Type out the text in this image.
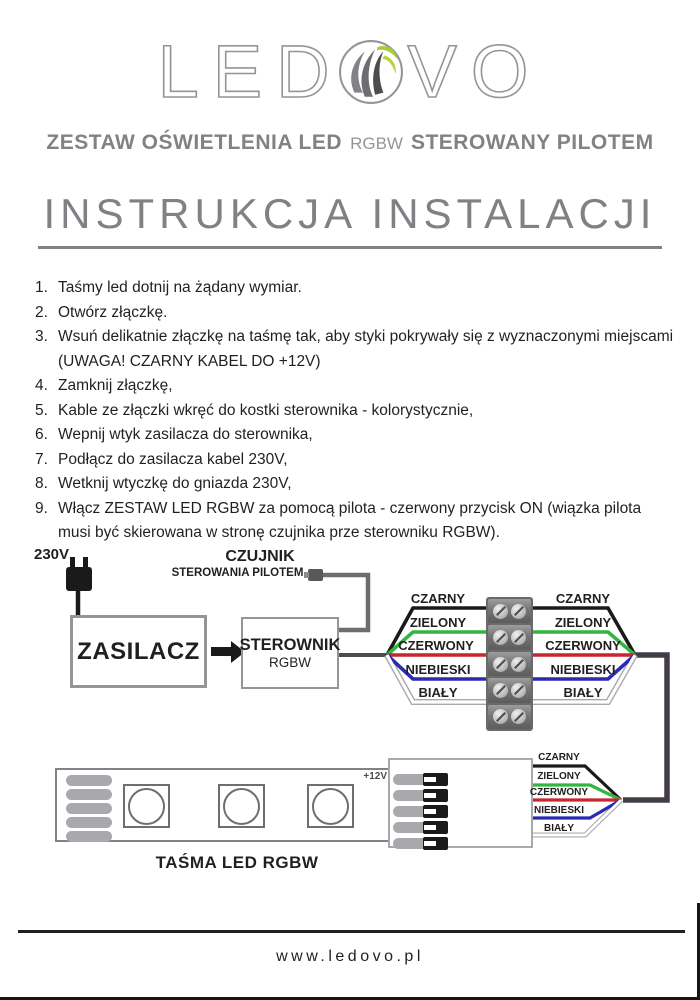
LED VO
ZESTAW OŚWIETLENIA LED RGBW STEROWANY PILOTEM
INSTRUKCJA INSTALACJI
1. Taśmy led dotnij na żądany wymiar.
2. Otwórz złączkę.
3. Wsuń delikatnie złączkę na taśmę tak, aby styki pokrywały się z wyznaczonymi miejscami (UWAGA! CZARNY KABEL DO +12V)
4. Zamknij złączkę,
5. Kable ze złączki wkręć do kostki sterownika - kolorystycznie,
6. Wepnij wtyk zasilacza do sterownika,
7. Podłącz do zasilacza kabel 230V,
8. Wetknij wtyczkę do gniazda 230V,
9. Włącz ZESTAW LED RGBW za pomocą pilota - czerwony przycisk ON (wiązka pilota musi być skierowana w stronę czujnika prze sterowniku RGBW).
230V	CZUJNIK
STEROWANIA PILOTEM
ZASILACZ STEROWNIK
RGBW
CZARNY
ZIELONY
CZERWONY
NIEBIESKI
BIAŁY
CZARNY
ZIELONY
CZERWONY
NIEBIESKI
BIAŁY
CZARNY
ZIELONY
CZERWONY
NIEBIESKI
BIAŁY
+12V
TAŚMA LED RGBW
www.ledovo.pl
